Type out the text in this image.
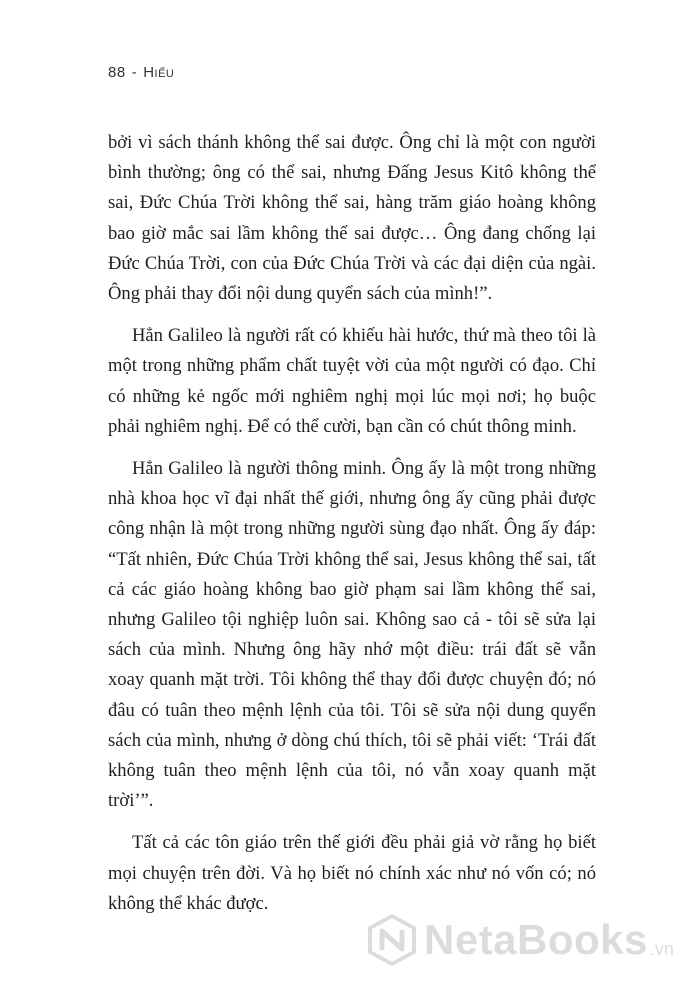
88 - Hiếu

bởi vì sách thánh không thể sai được. Ông chỉ là một con người bình thường; ông có thể sai, nhưng Đấng Jesus Kitô không thể sai, Đức Chúa Trời không thể sai, hàng trăm giáo hoàng không bao giờ mắc sai lầm không thể sai được… Ông đang chống lại Đức Chúa Trời, con của Đức Chúa Trời và các đại diện của ngài. Ông phải thay đổi nội dung quyển sách của mình!”.

Hẳn Galileo là người rất có khiếu hài hước, thứ mà theo tôi là một trong những phẩm chất tuyệt vời của một người có đạo. Chỉ có những kẻ ngốc mới nghiêm nghị mọi lúc mọi nơi; họ buộc phải nghiêm nghị. Để có thể cười, bạn cần có chút thông minh.

Hẳn Galileo là người thông minh. Ông ấy là một trong những nhà khoa học vĩ đại nhất thế giới, nhưng ông ấy cũng phải được công nhận là một trong những người sùng đạo nhất. Ông ấy đáp: “Tất nhiên, Đức Chúa Trời không thể sai, Jesus không thể sai, tất cả các giáo hoàng không bao giờ phạm sai lầm không thể sai, nhưng Galileo tội nghiệp luôn sai. Không sao cả - tôi sẽ sửa lại sách của mình. Nhưng ông hãy nhớ một điều: trái đất sẽ vẫn xoay quanh mặt trời. Tôi không thể thay đổi được chuyện đó; nó đâu có tuân theo mệnh lệnh của tôi. Tôi sẽ sửa nội dung quyển sách của mình, nhưng ở dòng chú thích, tôi sẽ phải viết: ‘Trái đất không tuân theo mệnh lệnh của tôi, nó vẫn xoay quanh mặt trời’”.

Tất cả các tôn giáo trên thế giới đều phải giả vờ rằng họ biết mọi chuyện trên đời. Và họ biết nó chính xác như nó vốn có; nó không thể khác được.

NetaBooks .vn
